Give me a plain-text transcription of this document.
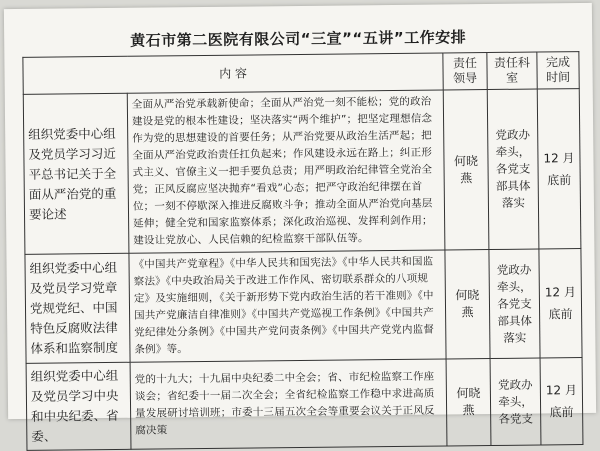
黄石市第二医院有限公司“三宣”“五讲”工作安排
内 容		责任领导	责任科室	完成时间
组织党委中心组及党员学习习近平总书记关于全面从严治党的重要论述	全面从严治党承载新使命；全面从严治党一刻不能松；党的政治建设是党的根本性建设；坚决落实“两个维护”；把坚定理想信念作为党的思想建设的首要任务；从严治党要从政治生活严起；把全面从严治党政治责任扛负起来；作风建设永远在路上；纠正形式主义、官僚主义一把手要负总责；用严明政治纪律管全党治全党；正风反腐应坚决抛弃“看戏”心态；把严守政治纪律摆在首位；一刻不停歇深入推进反腐败斗争；推动全面从严治党向基层延伸；健全党和国家监察体系；深化政治巡视、发挥利剑作用；建设让党放心、人民信赖的纪检监察干部队伍等。	何晓燕	党政办牵头，各党支部具体落实	12 月底前
组织党委中心组及党员学习党章党规党纪、中国特色反腐败法律体系和监察制度	《中国共产党章程》《中华人民共和国宪法》《中华人民共和国监察法》《中央政治局关于改进工作作风、密切联系群众的八项规定》及实施细则，《关于新形势下党内政治生活的若干准则》《中国共产党廉洁自律准则》《中国共产党巡视工作条例》《中国共产党纪律处分条例》《中国共产党问责条例》《中国共产党党内监督条例》等。	何晓燕	党政办牵头，各党支部具体落实	12 月底前
组织党委中心组及党员学习中央和中央纪委、省委、	党的十九大；十九届中央纪委二中全会；省、市纪检监察工作座谈会；省纪委十一届二次全会；全省纪检监察工作稳中求进高质量发展研讨培训班；市委十三届五次全会等重要会议关于正风反腐决策	何晓燕	党政办牵头，各党支	12 月底前
